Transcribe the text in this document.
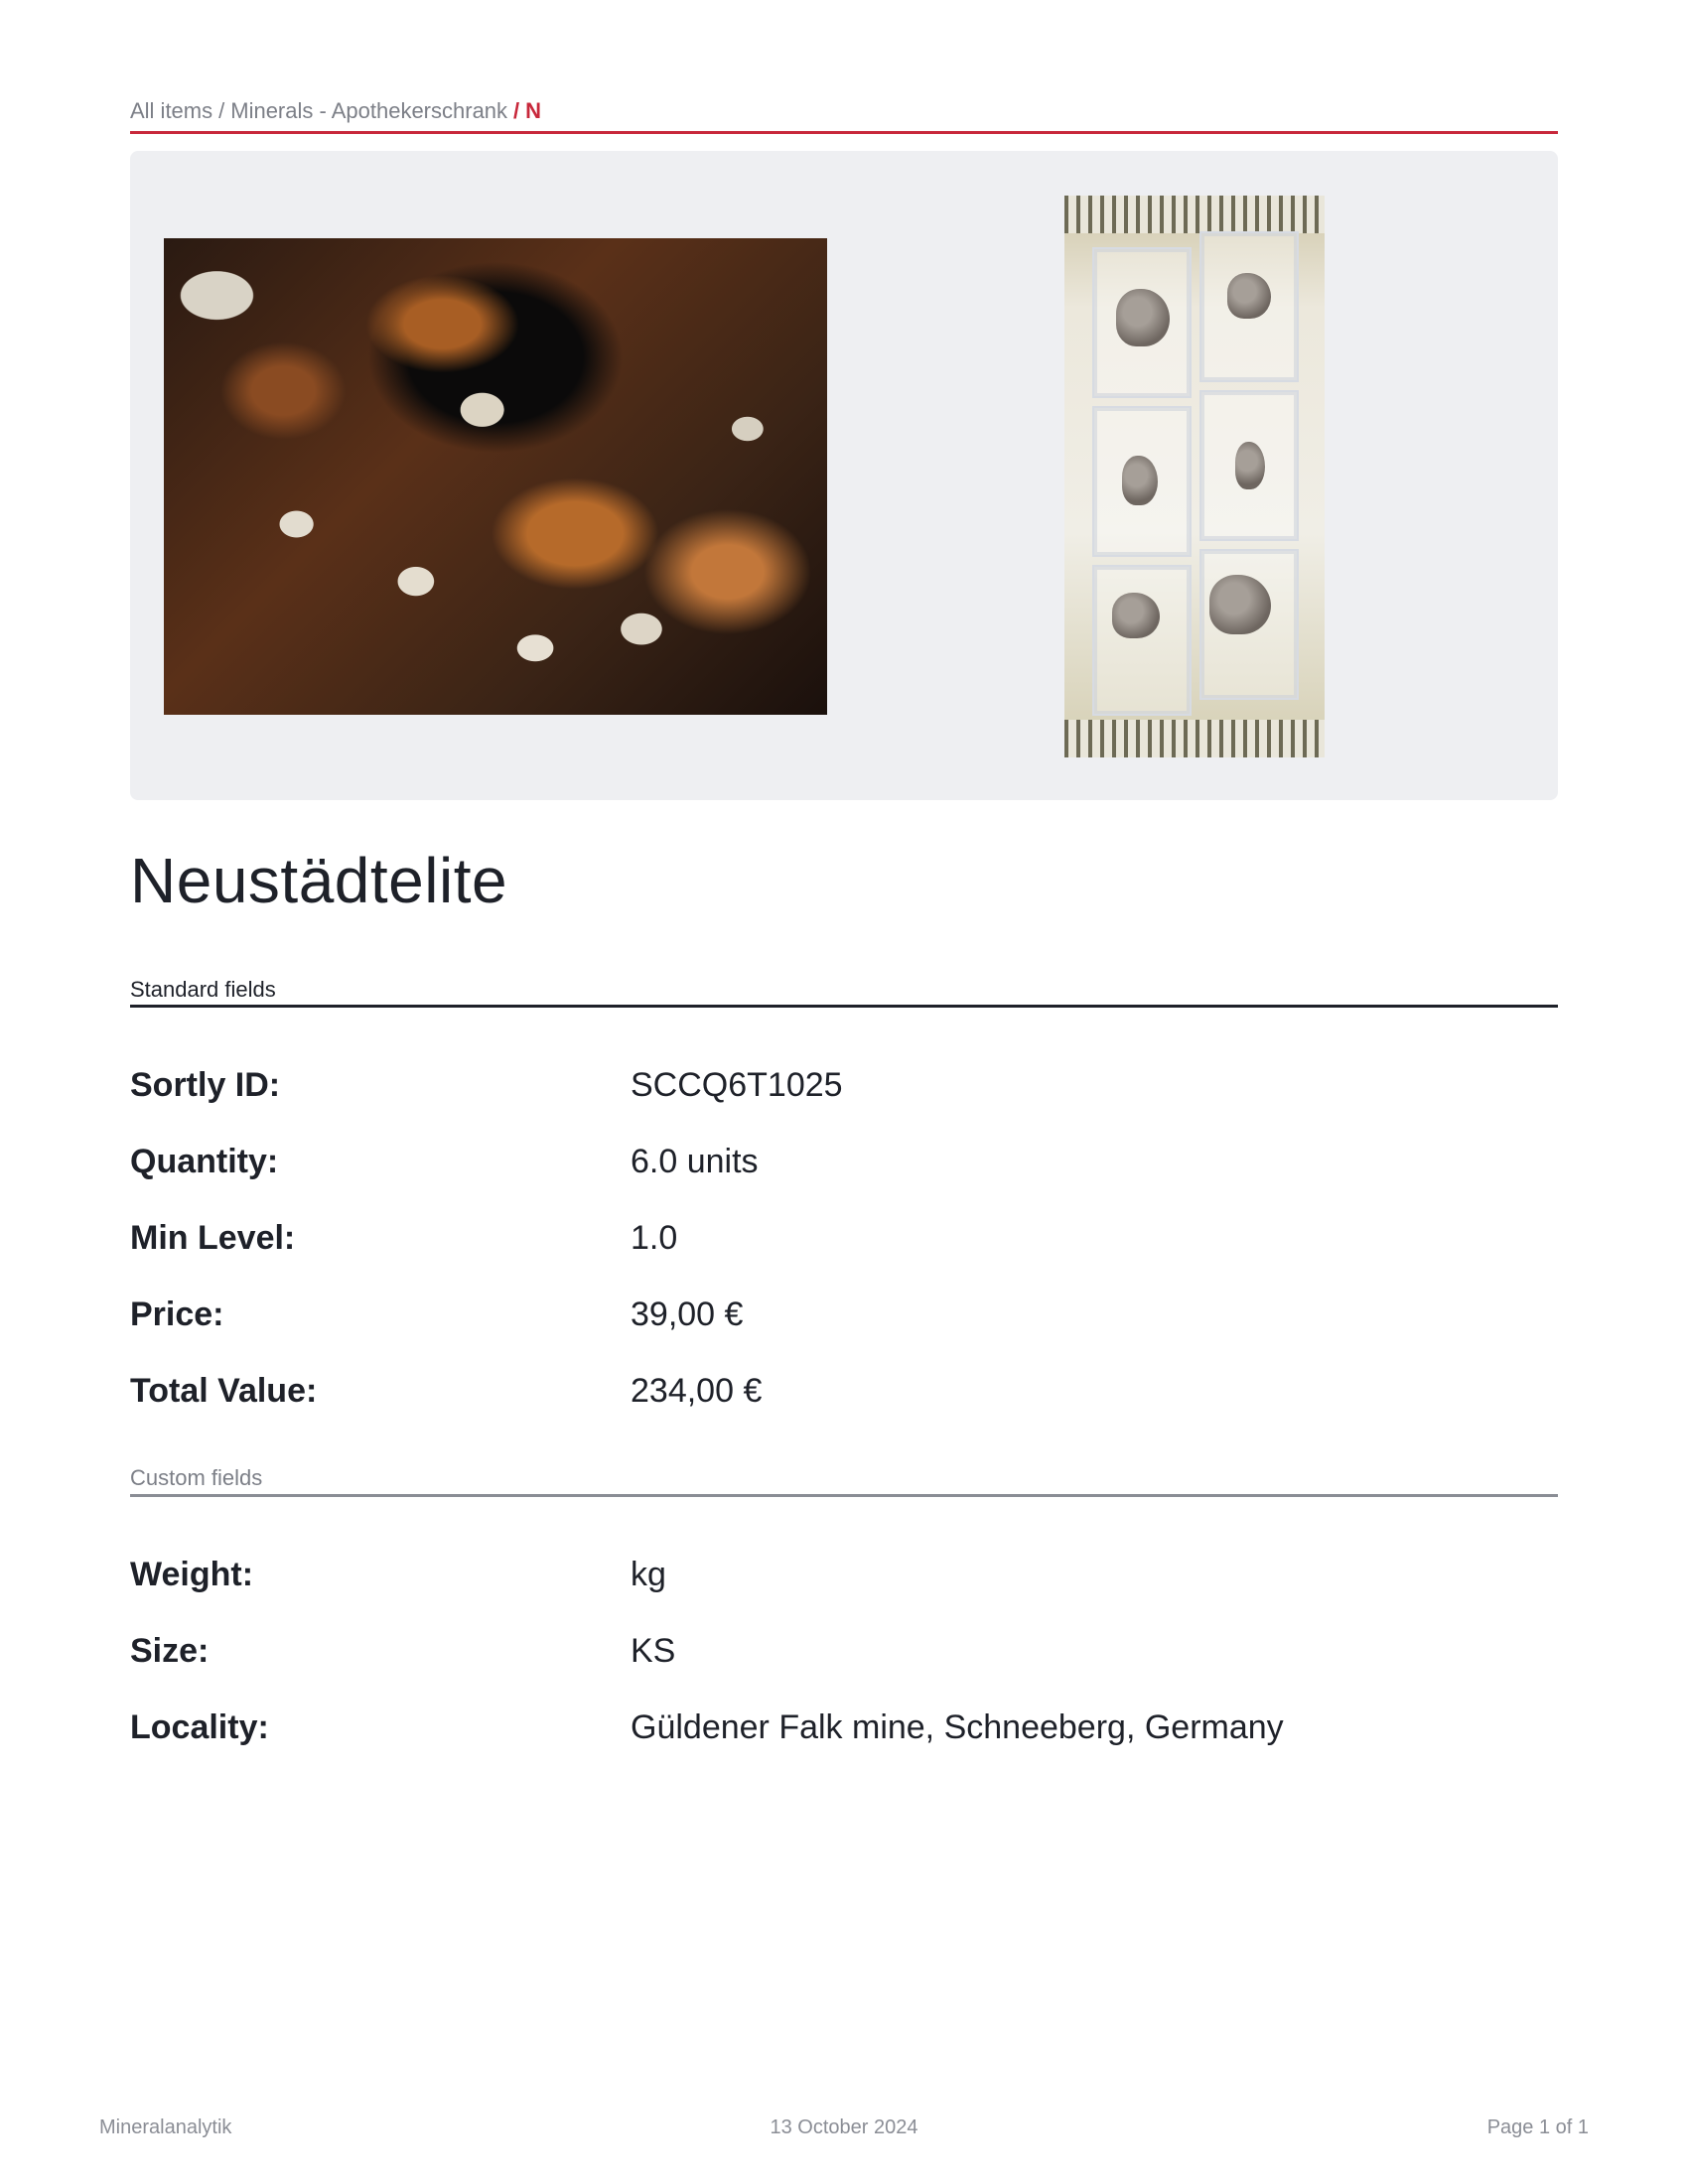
All items / Minerals - Apothekerschrank / N
Neustädtelite
Standard fields
Sortly ID:	SCCQ6T1025
Quantity:	6.0 units
Min Level:	1.0
Price:	39,00 €
Total Value:	234,00 €
Custom fields
Weight:	kg
Size:	KS
Locality:	Güldener Falk mine, Schneeberg, Germany
Mineralanalytik	13 October 2024	Page 1 of 1
